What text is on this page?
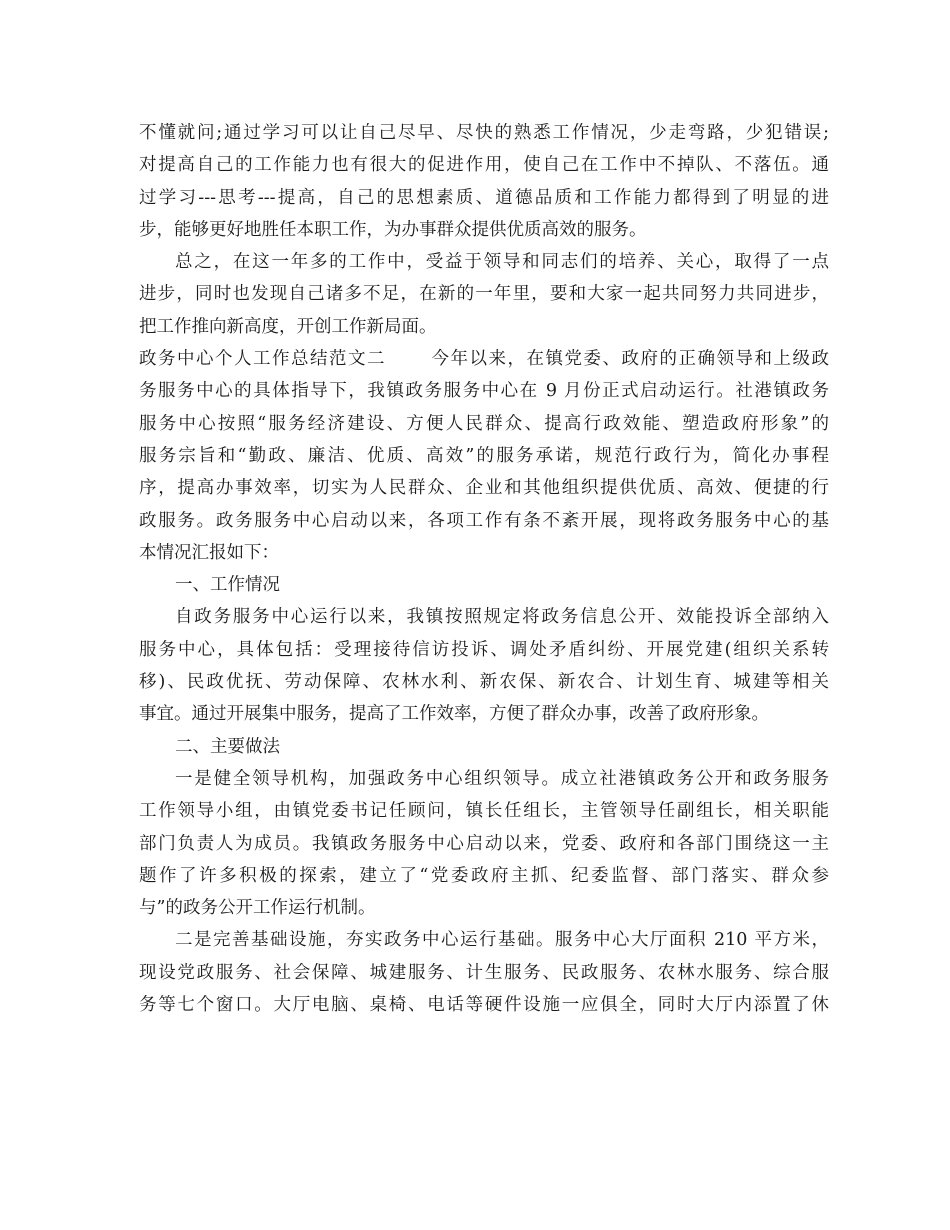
不懂就问;通过学习可以让自己尽早、尽快的熟悉工作情况，少走弯路，少犯错误;
对提高自己的工作能力也有很大的促进作用，使自己在工作中不掉队、不落伍。通
过学习---思考---提高，自己的思想素质、道德品质和工作能力都得到了明显的进
步，能够更好地胜任本职工作，为办事群众提供优质高效的服务。
总之，在这一年多的工作中，受益于领导和同志们的培养、关心，取得了一点
进步，同时也发现自己诸多不足，在新的一年里，要和大家一起共同努力共同进步，
把工作推向新高度，开创工作新局面。
政务中心个人工作总结范文二	今年以来，在镇党委、政府的正确领导和上级政
务服务中心的具体指导下，我镇政务服务中心在 9 月份正式启动运行。社港镇政务
服务中心按照“服务经济建设、方便人民群众、提高行政效能、塑造政府形象”的
服务宗旨和“勤政、廉洁、优质、高效”的服务承诺，规范行政行为，简化办事程
序，提高办事效率，切实为人民群众、企业和其他组织提供优质、高效、便捷的行
政服务。政务服务中心启动以来，各项工作有条不紊开展，现将政务服务中心的基
本情况汇报如下：
一、工作情况
自政务服务中心运行以来，我镇按照规定将政务信息公开、效能投诉全部纳入
服务中心，具体包括：受理接待信访投诉、调处矛盾纠纷、开展党建(组织关系转
移)、民政优抚、劳动保障、农林水利、新农保、新农合、计划生育、城建等相关
事宜。通过开展集中服务，提高了工作效率，方便了群众办事，改善了政府形象。
二、主要做法
一是健全领导机构，加强政务中心组织领导。成立社港镇政务公开和政务服务
工作领导小组，由镇党委书记任顾问，镇长任组长，主管领导任副组长，相关职能
部门负责人为成员。我镇政务服务中心启动以来，党委、政府和各部门围绕这一主
题作了许多积极的探索，建立了“党委政府主抓、纪委监督、部门落实、群众参
与”的政务公开工作运行机制。
二是完善基础设施，夯实政务中心运行基础。服务中心大厅面积 210 平方米，
现设党政服务、社会保障、城建服务、计生服务、民政服务、农林水服务、综合服
务等七个窗口。大厅电脑、桌椅、电话等硬件设施一应俱全，同时大厅内添置了休
